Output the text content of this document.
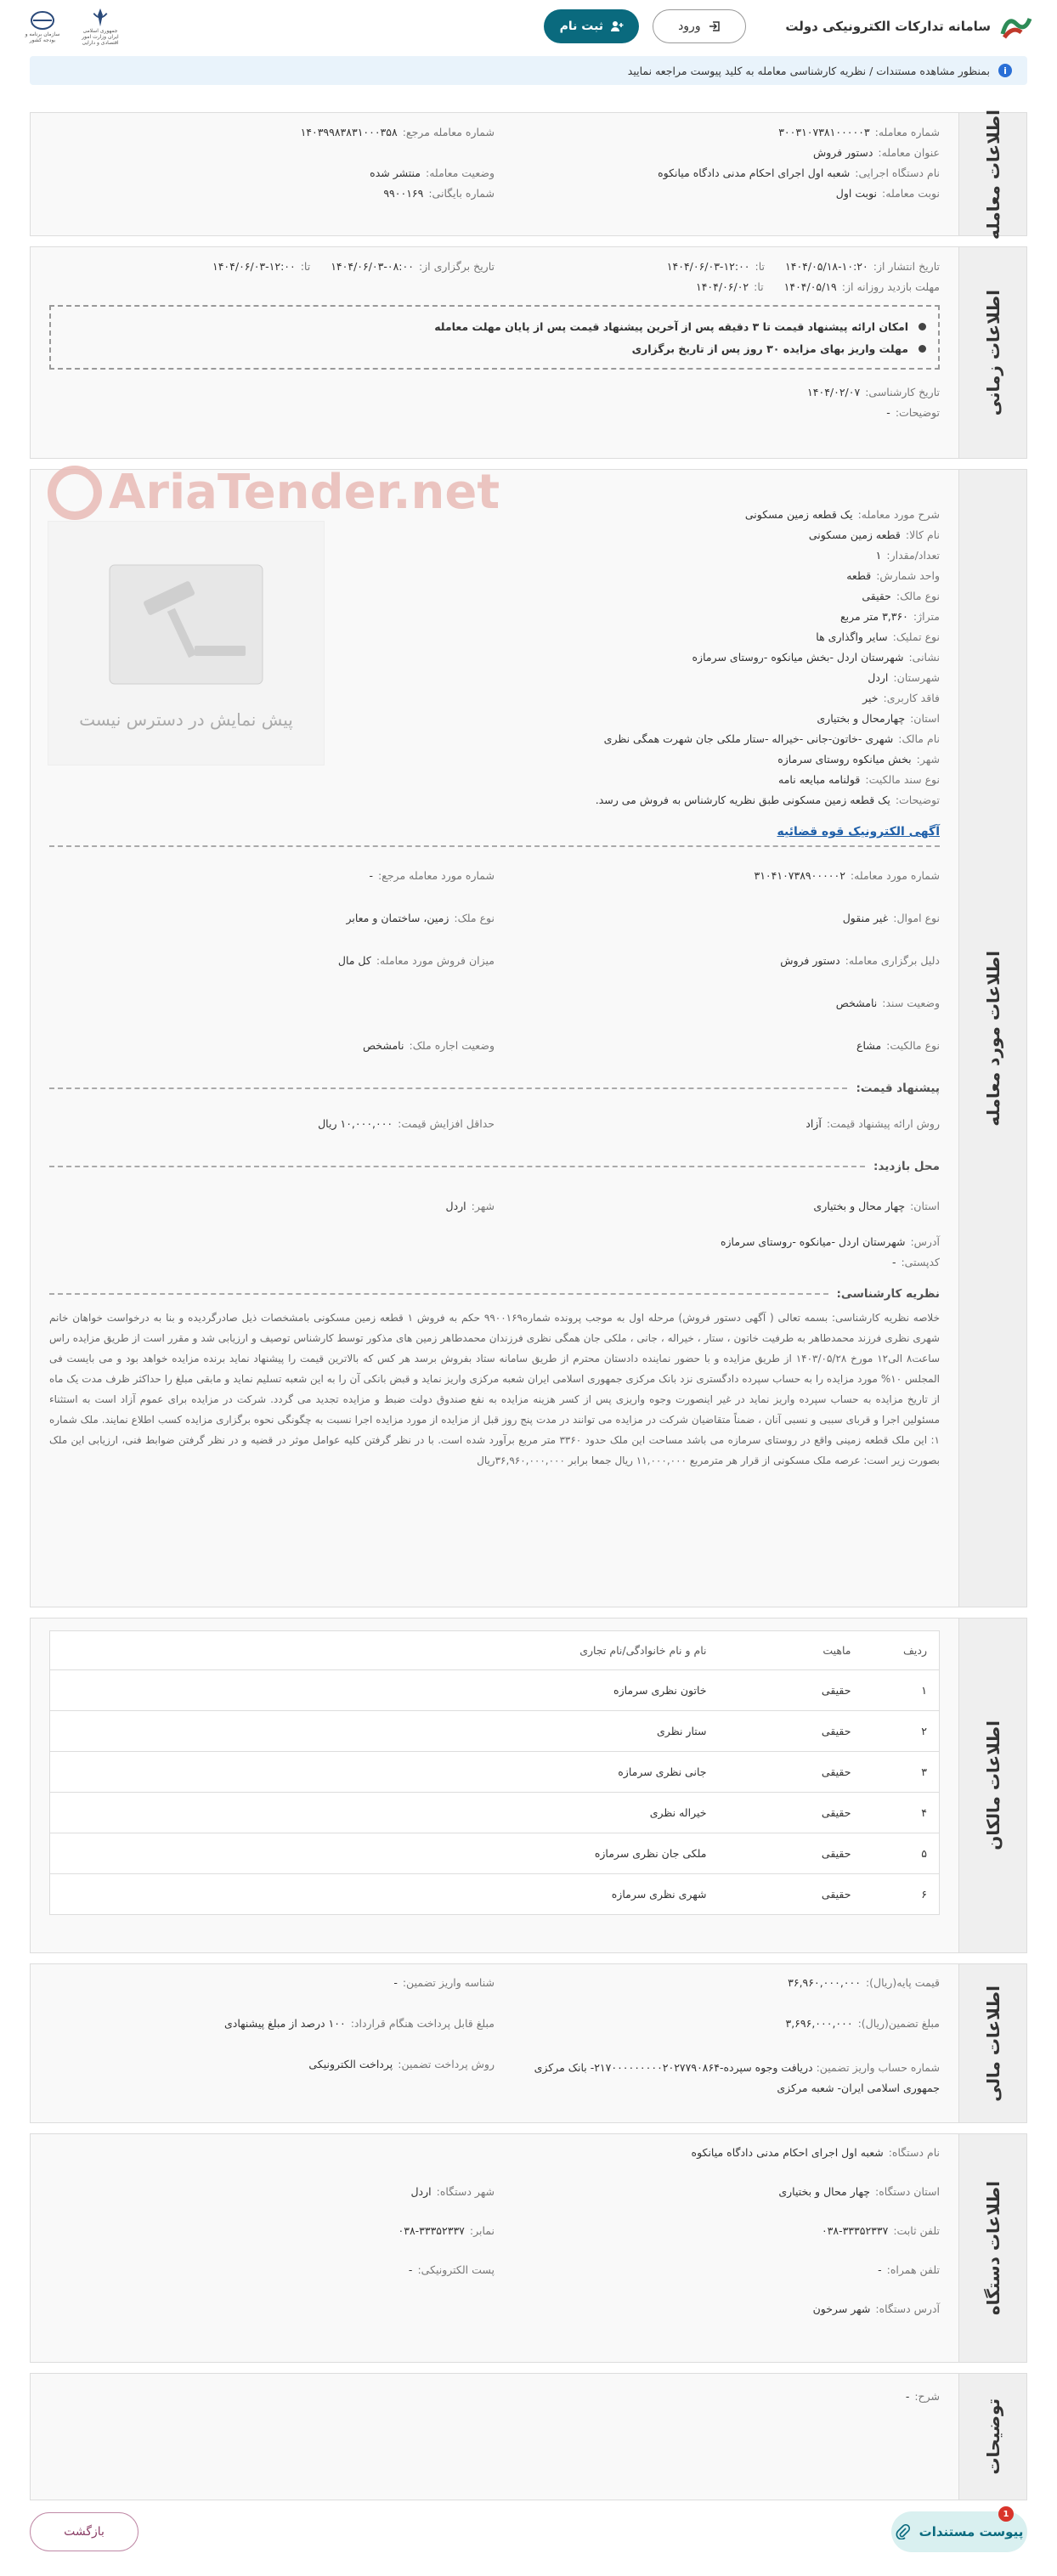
سامانه تدارکات الکترونیکی دولت
ورود
ثبت نام
جمهوری اسلامی ایران وزارت امور اقتصادی و دارایی
سازمان برنامه و بودجه کشور
i
بمنظور مشاهده مستندات / نظریه کارشناسی معامله به کلید پیوست مراجعه نمایید
اطلاعات معامله
شماره معامله:
۳۰۰۳۱۰۷۳۸۱۰۰۰۰۰۳
شماره معامله مرجع:
۱۴۰۳۹۹۸۳۸۳۱۰۰۰۳۵۸
عنوان معامله:
دستور فروش
نام دستگاه اجرایی:
شعبه اول اجرای احکام مدنی دادگاه میانکوه
وضعیت معامله:
منتشر شده
نوبت معامله:
نوبت اول
شماره بایگانی:
۹۹۰۰۱۶۹
اطلاعات زمانی
تاریخ انتشار از:
۱۴۰۴/۰۵/۱۸-۱۰:۲۰
تا:
۱۴۰۴/۰۶/۰۳-۱۲:۰۰
تاریخ برگزاری از:
۱۴۰۴/۰۶/۰۳-۰۸:۰۰
تا:
۱۴۰۴/۰۶/۰۳-۱۲:۰۰
مهلت بازدید روزانه از:
۱۴۰۴/۰۵/۱۹
تا:
۱۴۰۴/۰۶/۰۲
امکان ارائه پیشنهاد قیمت تا ۳ دقیقه پس از آخرین پیشنهاد قیمت پس از پایان مهلت معامله
مهلت واریز بهای مزایده ۳۰ روز پس از تاریخ برگزاری
تاریخ کارشناسی:
۱۴۰۴/۰۲/۰۷
توضیحات:
-
اطلاعات مورد معامله
AriaTender.net
پیش نمایش در دسترس نیست
شرح مورد معامله:
یک قطعه زمین مسکونی
نام کالا:
قطعه زمین مسکونی
تعداد/مقدار:
۱
واحد شمارش:
قطعه
نوع مالک:
حقیقی
متراژ:
۳,۳۶۰ متر مربع
نوع تملیک:
سایر واگذاری ها
نشانی:
شهرستان اردل -بخش میانکوه -روستای سرمازه
شهرستان:
اردل
فاقد کاربری:
خیر
استان:
چهارمحال و بختیاری
نام مالک:
شهری -خاتون-جانی -خیراله -ستار ملکی جان شهرت همگی نظری
شهر:
بخش میانکوه روستای سرمازه
نوع سند مالکیت:
قولنامه مبایعه نامه
توضیحات:
یک قطعه زمین مسکونی طبق نظریه کارشناس به فروش می رسد.
آگهی الکترونیک قوه قضائیه
شماره مورد معامله:
۳۱۰۴۱۰۷۳۸۹۰۰۰۰۰۲
شماره مورد معامله مرجع:
-
نوع اموال:
غیر منقول
نوع ملک:
زمین، ساختمان و معابر
دلیل برگزاری معامله:
دستور فروش
میزان فروش مورد معامله:
کل مال
وضعیت سند:
نامشخص
نوع مالکیت:
مشاع
وضعیت اجاره ملک:
نامشخص
پیشنهاد قیمت:
روش ارائه پیشنهاد قیمت:
آزاد
حداقل افزایش قیمت:
۱۰,۰۰۰,۰۰۰ ریال
محل بازدید:
استان:
چهار محال و بختیاری
شهر:
اردل
آدرس:
شهرستان اردل -میانکوه -روستای سرمازه
کدپستی:
-
نظریه کارشناسی:
خلاصه نظریه کارشناسی: بسمه تعالی ( آگهی دستور فروش) مرحله اول به موجب پرونده شماره۹۹۰۰۱۶۹ حکم به فروش ۱ قطعه زمین مسکونی بامشخصات ذیل صادرگردیده و بنا به درخواست خواهان خانم شهری نظری فرزند محمدطاهر به طرفیت خاتون ، ستار ، خیراله ، جانی ، ملکی جان همگی نظری فرزندان محمدطاهر زمین های مذکور توسط کارشناس توصیف و ارزیابی شد و مقرر است از طریق مزایده راس ساعت۸ الی۱۲ مورخ ۱۴۰۳/۰۵/۲۸ از طریق مزایده و با حضور نماینده دادستان محترم از طریق سامانه ستاد بفروش برسد هر کس که بالاترین قیمت را پیشنهاد نماید برنده مزایده خواهد بود و می بایست فی المجلس ۱۰% مورد مزایده را به حساب سپرده دادگستری نزد بانک مرکزی جمهوری اسلامی ایران شعبه مرکزی واریز نماید و قبض بانکی آن را به این شعبه تسلیم نماید و مابقی مبلغ را حداکثر ظرف مدت یک ماه از تاریخ مزایده به حساب سپرده واریز نماید در غیر اینصورت وجوه واریزی پس از کسر هزینه مزایده به نفع صندوق دولت ضبط و مزایده تجدید می گردد. شرکت در مزایده برای عموم آزاد است به استثناء مسئولین اجرا و قربای سببی و نسبی آنان ، ضمناً متقاضیان شرکت در مزایده می توانند در مدت پنج روز قبل از مزایده از مورد مزایده اجرا نسبت به چگونگی نحوه برگزاری مزایده کسب اطلاع نمایند. ملک شماره ۱: این ملک قطعه زمینی واقع در روستای سرمازه می باشد مساحت این ملک حدود ۳۳۶۰ متر مربع برآورد شده است. با در نظر گرفتن کلیه عوامل موثر در قضیه و در نظر گرفتن ضوابط فنی، ارزیابی این ملک بصورت زیر است: عرصه ملک مسکونی از قرار هر مترمربع ۱۱,۰۰۰,۰۰۰ ریال جمعا برابر ۳۶,۹۶۰,۰۰۰,۰۰۰ریال
اطلاعات مالکان
ردیف	ماهیت	نام و نام خانوادگی/نام تجاری
۱	حقیقی	خاتون نظری سرمازه
۲	حقیقی	ستار نظری
۳	حقیقی	جانی نظری سرمازه
۴	حقیقی	خیراله نظری
۵	حقیقی	ملکی جان نظری سرمازه
۶	حقیقی	شهری نظری سرمازه
اطلاعات مالی
قیمت پایه(ریال):
۳۶,۹۶۰,۰۰۰,۰۰۰
شناسه واریز تضمین:
-
مبلغ تضمین(ریال):
۳,۶۹۶,۰۰۰,۰۰۰
مبلغ قابل پرداخت هنگام قرارداد:
۱۰۰ درصد از مبلغ پیشنهادی
شماره حساب واریز تضمین: دریافت وجوه سپرده-۲۱۷۰۰۰۰۰۰۰۰۰۲۰۲۷۷۹۰۸۶۴- بانک مرکزی جمهوری اسلامی ایران- شعبه مرکزی
روش پرداخت تضمین:
پرداخت الکترونیکی
اطلاعات دستگاه
نام دستگاه:
شعبه اول اجرای احکام مدنی دادگاه میانکوه
استان دستگاه:
چهار محال و بختیاری
شهر دستگاه:
اردل
تلفن ثابت:
۰۳۸-۳۳۳۵۲۳۳۷
نمابر:
۰۳۸-۳۳۳۵۲۳۳۷
تلفن همراه:
-
پست الکترونیکی:
-
آدرس دستگاه:
شهر سرخون
توضیحات
شرح:
-
1
پیوست مستندات
بازگشت
